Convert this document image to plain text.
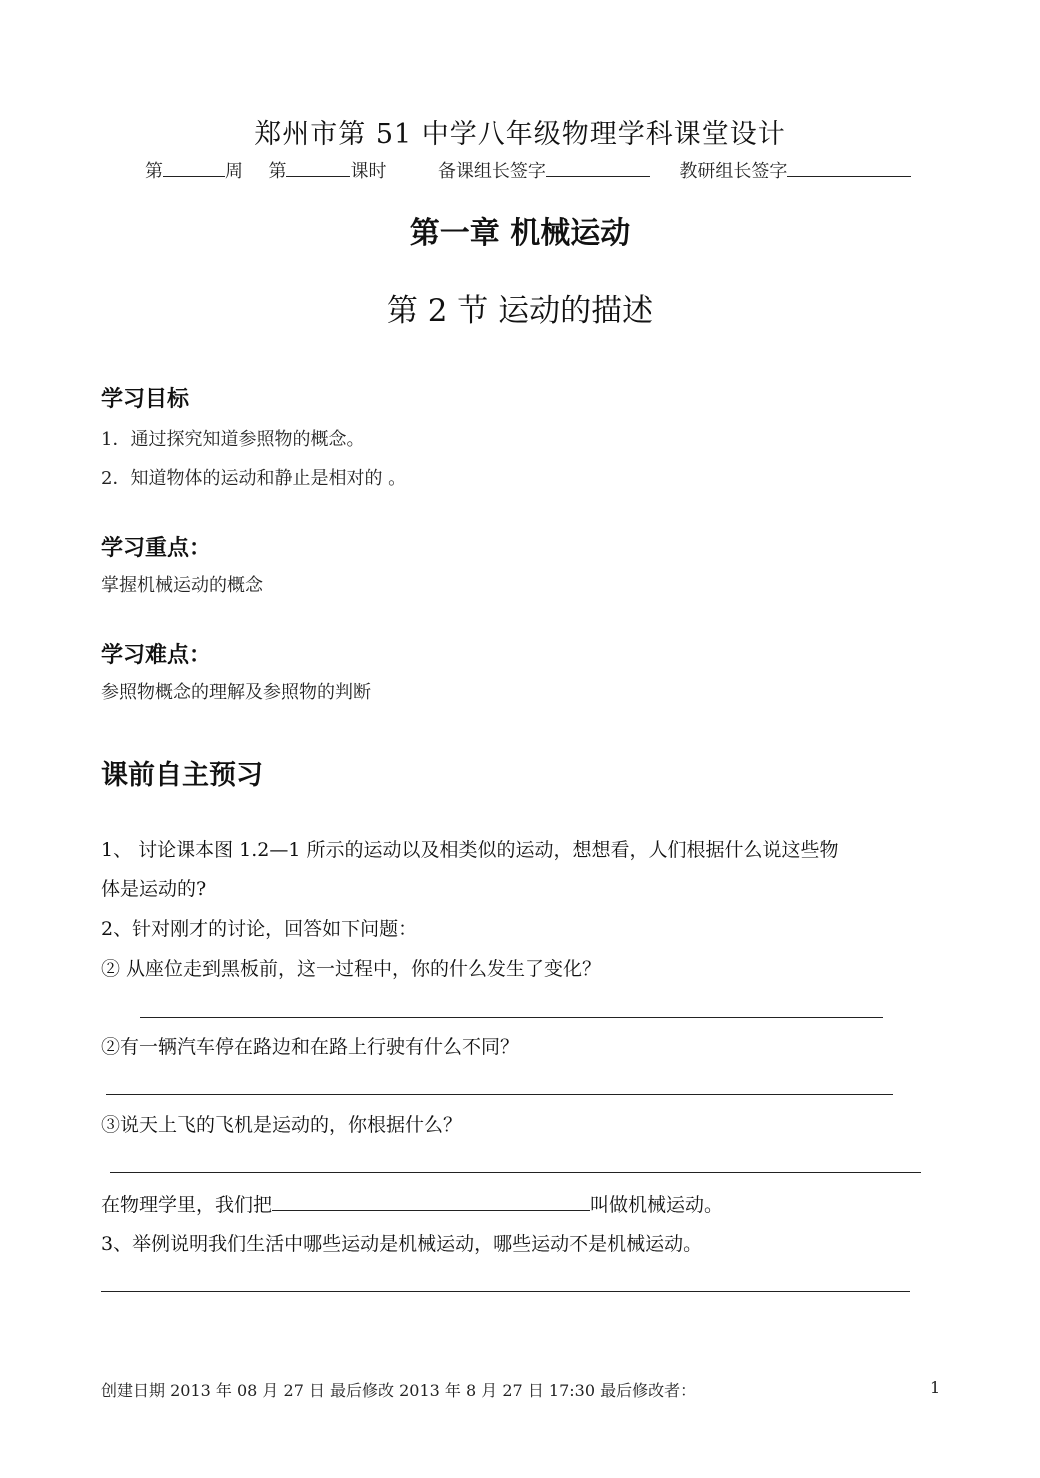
郑州市第 51 中学八年级物理学科课堂设计
第	周 第	课时	备课组长签字	教研组长签字
第一章 机械运动
第 2 节 运动的描述
学习目标
1．通过探究知道参照物的概念。
2．知道物体的运动和静止是相对的 。
学习重点：
掌握机械运动的概念
学习难点：
参照物概念的理解及参照物的判断
课前自主预习
1、 讨论课本图 1.2—1 所示的运动以及相类似的运动，想想看，人们根据什么说这些物
体是运动的?
2、针对刚才的讨论，回答如下问题：
② 从座位走到黑板前，这一过程中，你的什么发生了变化？
②有一辆汽车停在路边和在路上行驶有什么不同？
③说天上飞的飞机是运动的，你根据什么？
在物理学里，我们把	叫做机械运动。
3、举例说明我们生活中哪些运动是机械运动，哪些运动不是机械运动。
创建日期 2013 年 08 月 27 日 最后修改 2013 年 8 月 27 日 17:30 最后修改者：	1
